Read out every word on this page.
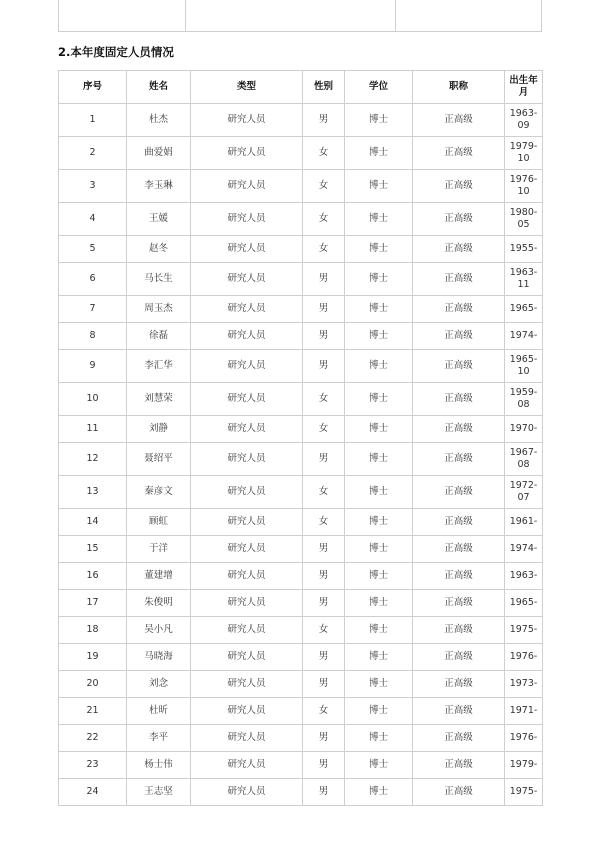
2.本年度固定人员情况
序号	姓名	类型	性别	学位	职称	出生年月
1	杜杰	研究人员	男	博士	正高级	1963-09
2	曲爱娟	研究人员	女	博士	正高级	1979-10
3	李玉琳	研究人员	女	博士	正高级	1976-10
4	王媛	研究人员	女	博士	正高级	1980-05
5	赵冬	研究人员	女	博士	正高级	1955-
6	马长生	研究人员	男	博士	正高级	1963-11
7	周玉杰	研究人员	男	博士	正高级	1965-
8	徐磊	研究人员	男	博士	正高级	1974-
9	李汇华	研究人员	男	博士	正高级	1965-10
10	刘慧荣	研究人员	女	博士	正高级	1959-08
11	刘静	研究人员	女	博士	正高级	1970-
12	聂绍平	研究人员	男	博士	正高级	1967-08
13	秦彦文	研究人员	女	博士	正高级	1972-07
14	顾虹	研究人员	女	博士	正高级	1961-
15	于洋	研究人员	男	博士	正高级	1974-
16	董建增	研究人员	男	博士	正高级	1963-
17	朱俊明	研究人员	男	博士	正高级	1965-
18	吴小凡	研究人员	女	博士	正高级	1975-
19	马晓海	研究人员	男	博士	正高级	1976-
20	刘念	研究人员	男	博士	正高级	1973-
21	杜昕	研究人员	女	博士	正高级	1971-
22	李平	研究人员	男	博士	正高级	1976-
23	杨士伟	研究人员	男	博士	正高级	1979-
24	王志坚	研究人员	男	博士	正高级	1975-
